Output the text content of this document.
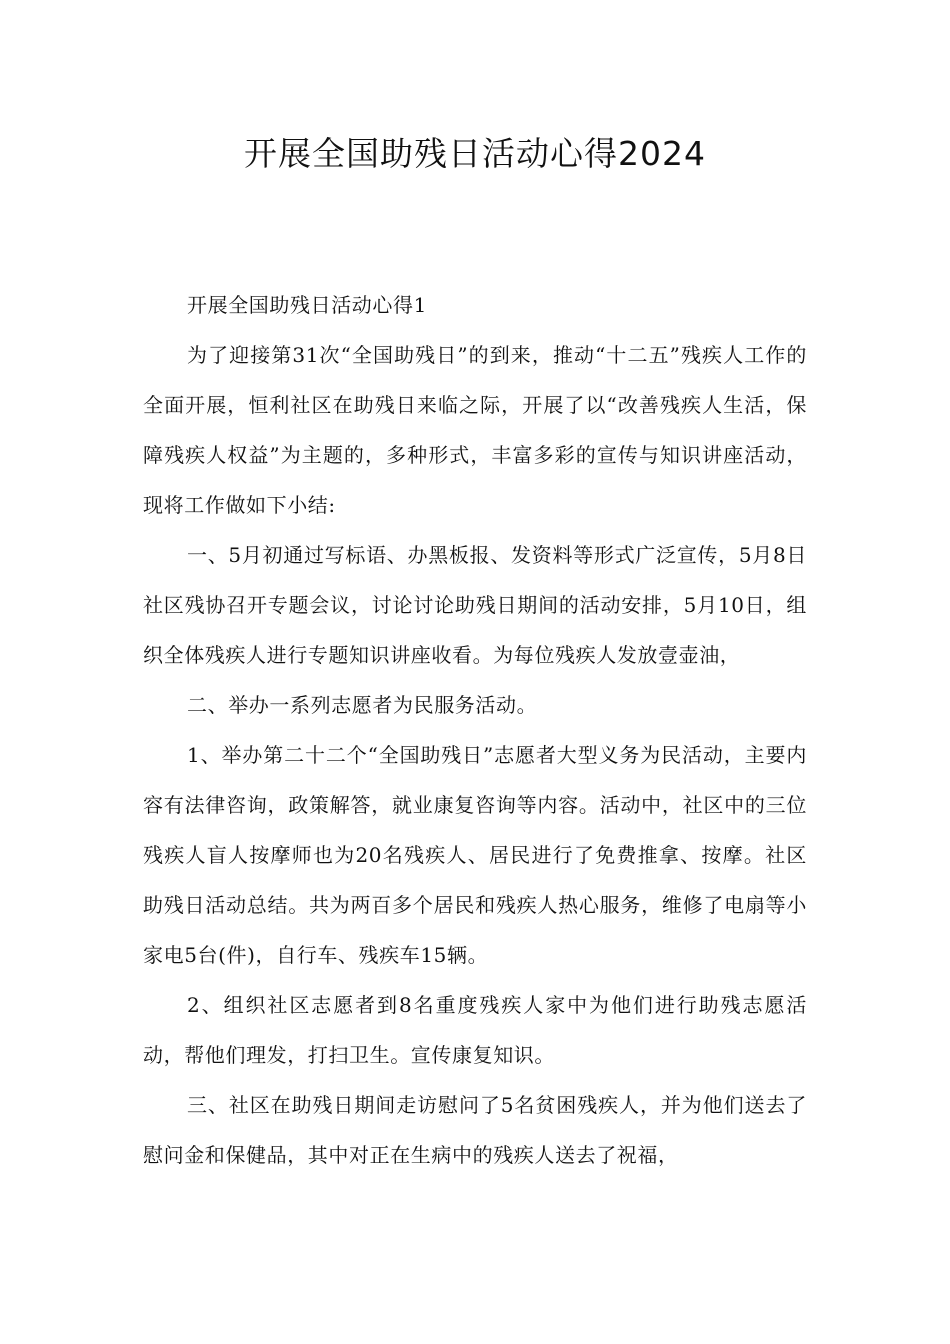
开展全国助残日活动心得2024

开展全国助残日活动心得1

为了迎接第31次“全国助残日”的到来，推动“十二五”残疾人工作的全面开展，恒利社区在助残日来临之际，开展了以“改善残疾人生活，保障残疾人权益”为主题的，多种形式，丰富多彩的宣传与知识讲座活动，现将工作做如下小结:

一、5月初通过写标语、办黑板报、发资料等形式广泛宣传，5月8日社区残协召开专题会议，讨论讨论助残日期间的活动安排，5月10日，组织全体残疾人进行专题知识讲座收看。为每位残疾人发放壹壶油，

二、举办一系列志愿者为民服务活动。

1、举办第二十二个“全国助残日”志愿者大型义务为民活动，主要内容有法律咨询，政策解答，就业康复咨询等内容。活动中，社区中的三位残疾人盲人按摩师也为20名残疾人、居民进行了免费推拿、按摩。社区助残日活动总结。共为两百多个居民和残疾人热心服务，维修了电扇等小家电5台(件)，自行车、残疾车15辆。

2、组织社区志愿者到8名重度残疾人家中为他们进行助残志愿活动，帮他们理发，打扫卫生。宣传康复知识。

三、社区在助残日期间走访慰问了5名贫困残疾人，并为他们送去了慰问金和保健品，其中对正在生病中的残疾人送去了祝福，
